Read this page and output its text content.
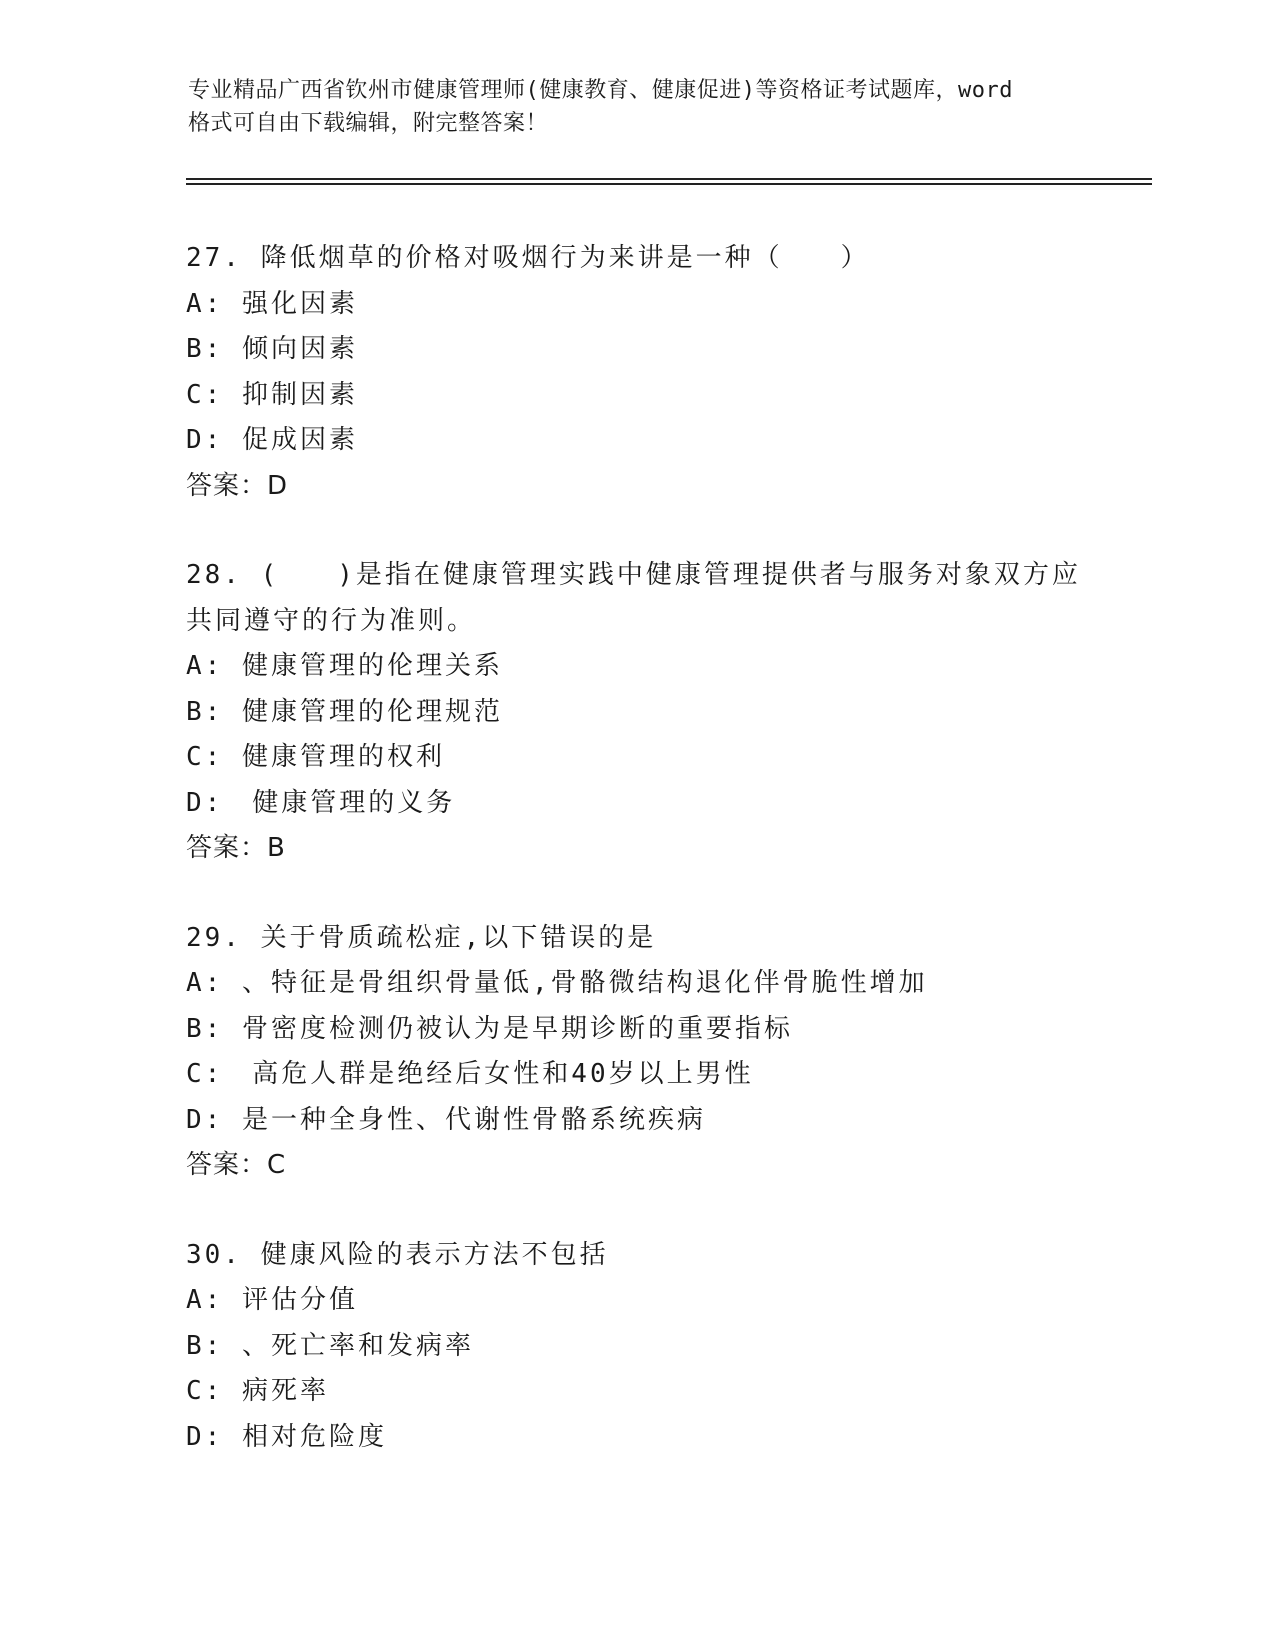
专业精品广西省钦州市健康管理师(健康教育、健康促进)等资格证考试题库，word
格式可自由下载编辑，附完整答案！
27. 降低烟草的价格对吸烟行为来讲是一种（　　）
A: 强化因素
B: 倾向因素
C: 抑制因素
D: 促成因素
答案：D
28. (　　)是指在健康管理实践中健康管理提供者与服务对象双方应
共同遵守的行为准则。
A: 健康管理的伦理关系
B: 健康管理的伦理规范
C: 健康管理的权利
D:　健康管理的义务
答案：B
29. 关于骨质疏松症,以下错误的是
A: 、特征是骨组织骨量低,骨骼微结构退化伴骨脆性增加
B: 骨密度检测仍被认为是早期诊断的重要指标
C:　高危人群是绝经后女性和40岁以上男性
D: 是一种全身性、代谢性骨骼系统疾病
答案：C
30. 健康风险的表示方法不包括
A: 评估分值
B: 、死亡率和发病率
C: 病死率
D: 相对危险度
